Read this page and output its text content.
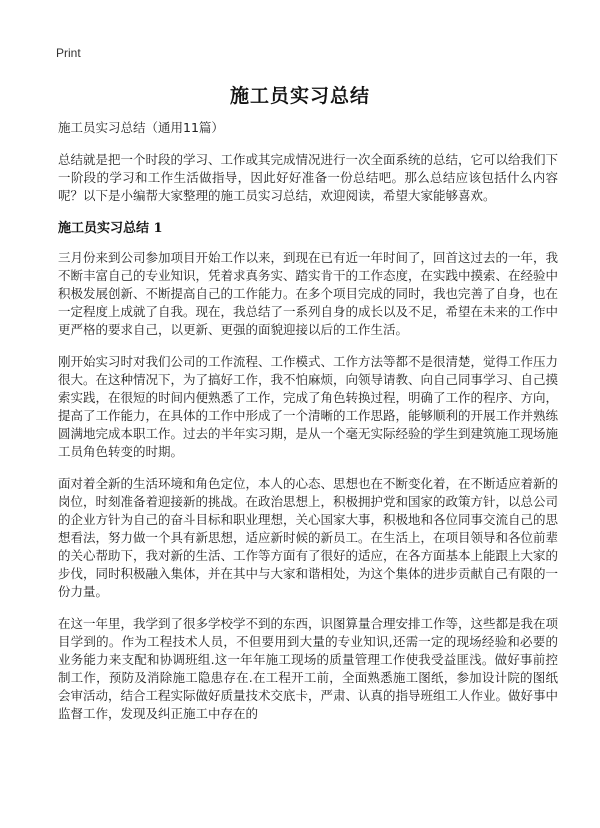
Print
施工员实习总结

施工员实习总结（通用11篇）

总结就是把一个时段的学习、工作或其完成情况进行一次全面系统的总结，它可以给我们下一阶段的学习和工作生活做指导，因此好好准备一份总结吧。那么总结应该包括什么内容呢？以下是小编帮大家整理的施工员实习总结，欢迎阅读，希望大家能够喜欢。

施工员实习总结 1

三月份来到公司参加项目开始工作以来，到现在已有近一年时间了，回首这过去的一年，我不断丰富自己的专业知识，凭着求真务实、踏实肯干的工作态度，在实践中摸索、在经验中积极发展创新、不断提高自己的工作能力。在多个项目完成的同时，我也完善了自身，也在一定程度上成就了自我。现在，我总结了一系列自身的成长以及不足，希望在未来的工作中更严格的要求自己，以更新、更强的面貌迎接以后的工作生活。

刚开始实习时对我们公司的工作流程、工作模式、工作方法等都不是很清楚，觉得工作压力很大。在这种情况下，为了搞好工作，我不怕麻烦，向领导请教、向自己同事学习、自己摸索实践，在很短的时间内便熟悉了工作，完成了角色转换过程，明确了工作的程序、方向，提高了工作能力，在具体的工作中形成了一个清晰的工作思路，能够顺利的开展工作并熟练圆满地完成本职工作。过去的半年实习期，是从一个毫无实际经验的学生到建筑施工现场施工员角色转变的时期。

面对着全新的生活环境和角色定位，本人的心态、思想也在不断变化着，在不断适应着新的岗位，时刻准备着迎接新的挑战。在政治思想上，积极拥护党和国家的政策方针，以总公司的企业方针为自己的奋斗目标和职业理想，关心国家大事，积极地和各位同事交流自己的思想看法，努力做一个具有新思想，适应新时候的新员工。在生活上，在项目领导和各位前辈的关心帮助下，我对新的生活、工作等方面有了很好的适应，在各方面基本上能跟上大家的步伐，同时积极融入集体，并在其中与大家和谐相处，为这个集体的进步贡献自己有限的一份力量。

在这一年里，我学到了很多学校学不到的东西，识图算量合理安排工作等，这些都是我在项目学到的。作为工程技术人员，不但要用到大量的专业知识,还需一定的现场经验和必要的业务能力来支配和协调班组.这一年年施工现场的质量管理工作使我受益匪浅。做好事前控制工作，预防及消除施工隐患存在.在工程开工前，全面熟悉施工图纸，参加设计院的图纸会审活动，结合工程实际做好质量技术交底卡，严肃、认真的指导班组工人作业。做好事中监督工作，发现及纠正施工中存在的
